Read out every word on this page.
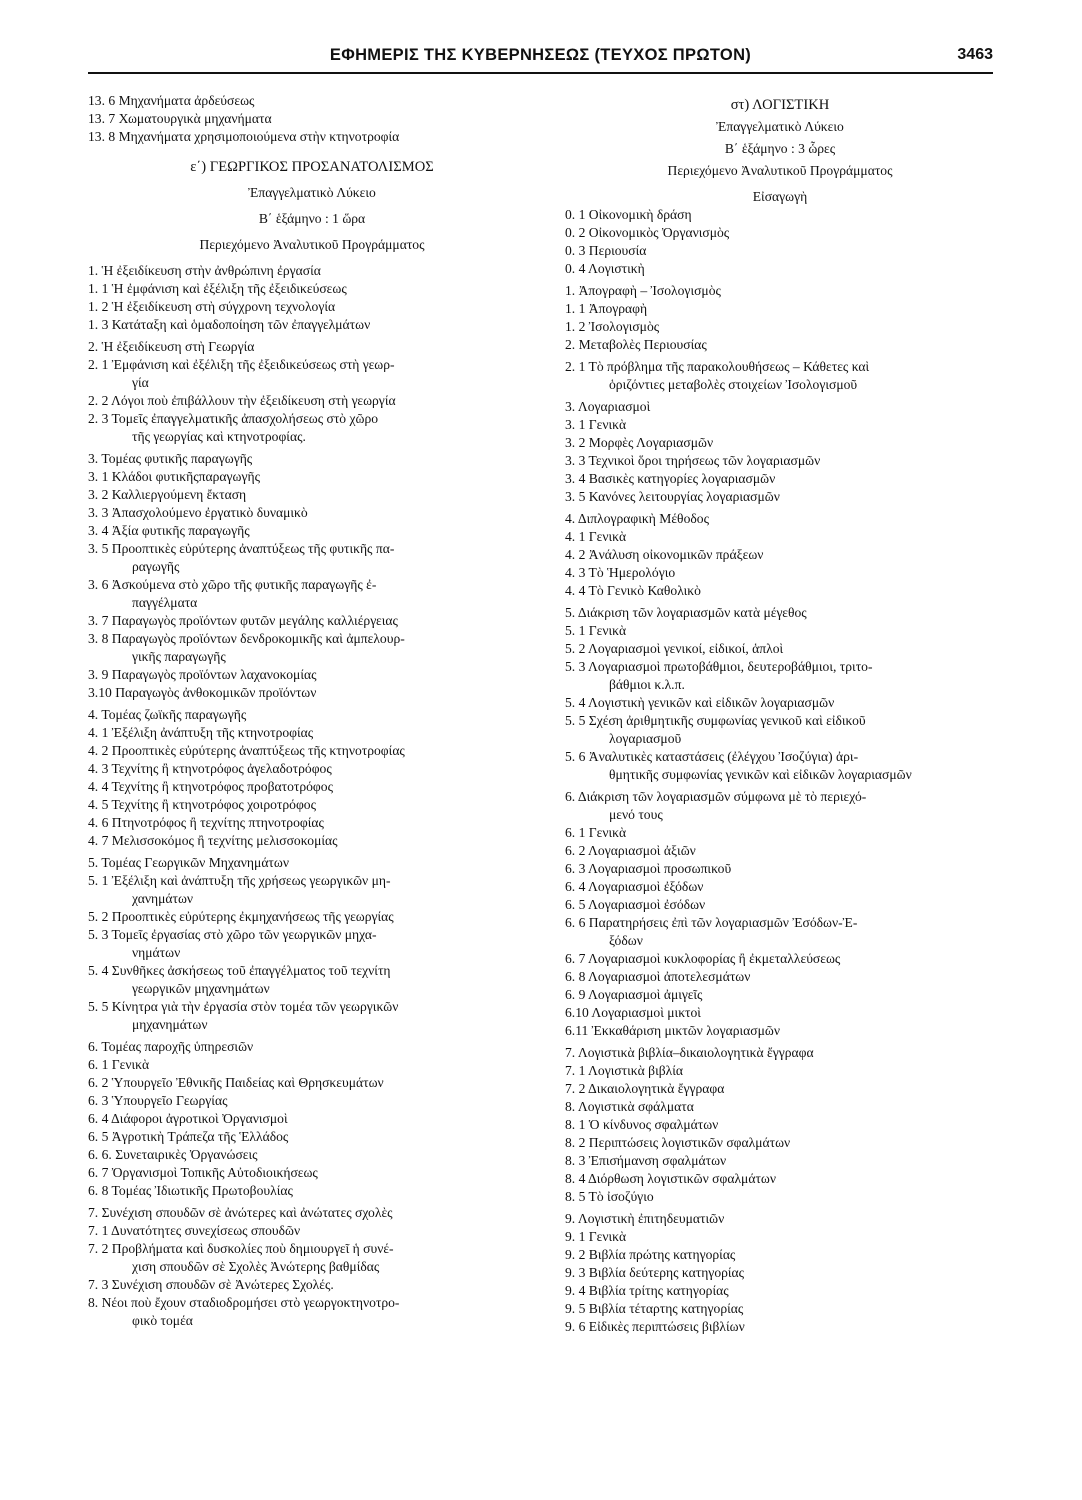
ΕΦΗΜΕΡΙΣ ΤΗΣ ΚΥΒΕΡΝΗΣΕΩΣ (ΤΕΥΧΟΣ ΠΡΩΤΟΝ)	3463
13. 6 Μηχανήματα ἀρδεύσεως
13. 7 Χωματουργικὰ μηχανήματα
13. 8 Μηχανήματα χρησιμοποιούμενα στὴν κτηνοτροφία
ε΄) ΓΕΩΡΓΙΚΟΣ ΠΡΟΣΑΝΑΤΟΛΙΣΜΟΣ
Ἐπαγγελματικὸ Λύκειο
Β΄ ἑξάμηνο : 1 ὥρα
Περιεχόμενο Ἀναλυτικοῦ Προγράμματος
1. Ἡ ἐξειδίκευση στὴν ἀνθρώπινη ἐργασία
1. 1 Ἡ ἐμφάνιση καὶ ἐξέλιξη τῆς ἐξειδικεύσεως
1. 2 Ἡ ἐξειδίκευση στὴ σύγχρονη τεχνολογία
1. 3 Κατάταξη καὶ ὁμαδοποίηση τῶν ἐπαγγελμάτων
2. Ἡ ἐξειδίκευση στὴ Γεωργία
2. 1 Ἐμφάνιση καὶ ἐξέλιξη τῆς ἐξειδικεύσεως στὴ γεωρ-
γία
2. 2 Λόγοι ποὺ ἐπιβάλλουν τὴν ἐξειδίκευση στὴ γεωργία
2. 3 Τομεῖς ἐπαγγελματικῆς ἀπασχολήσεως στὸ χῶρο
τῆς γεωργίας καὶ κτηνοτροφίας.
3. Τομέας φυτικῆς παραγωγῆς
3. 1 Κλάδοι φυτικῆςπαραγωγῆς
3. 2 Καλλιεργούμενη ἔκταση
3. 3 Ἀπασχολούμενο ἐργατικὸ δυναμικὸ
3. 4 Ἀξία φυτικῆς παραγωγῆς
3. 5 Προοπτικὲς εὐρύτερης ἀναπτύξεως τῆς φυτικῆς πα-
ραγωγῆς
3. 6 Ἀσκούμενα στὸ χῶρο τῆς φυτικῆς παραγωγῆς ἐ-
παγγέλματα
3. 7 Παραγωγὸς προϊόντων φυτῶν μεγάλης καλλιέργειας
3. 8 Παραγωγὸς προϊόντων δενδροκομικῆς καὶ ἀμπελουρ-
γικῆς παραγωγῆς
3. 9 Παραγωγὸς προϊόντων λαχανοκομίας
3.10 Παραγωγὸς ἀνθοκομικῶν προϊόντων
4. Τομέας ζωϊκῆς παραγωγῆς
4. 1 Ἐξέλιξη ἀνάπτυξη τῆς κτηνοτροφίας
4. 2 Προοπτικὲς εὐρύτερης ἀναπτύξεως τῆς κτηνοτροφίας
4. 3 Τεχνίτης ἢ κτηνοτρόφος ἀγελαδοτρόφος
4. 4 Τεχνίτης ἢ κτηνοτρόφος προβατοτρόφος
4. 5 Τεχνίτης ἢ κτηνοτρόφος χοιροτρόφος
4. 6 Πτηνοτρόφος ἢ τεχνίτης πτηνοτροφίας
4. 7 Μελισσοκόμος ἢ τεχνίτης μελισσοκομίας
5. Τομέας Γεωργικῶν Μηχανημάτων
5. 1 Ἐξέλιξη καὶ ἀνάπτυξη τῆς χρήσεως γεωργικῶν μη-
χανημάτων
5. 2 Προοπτικὲς εὐρύτερης ἐκμηχανήσεως τῆς γεωργίας
5. 3 Τομεῖς ἐργασίας στὸ χῶρο τῶν γεωργικῶν μηχα-
νημάτων
5. 4 Συνθῆκες ἀσκήσεως τοῦ ἐπαγγέλματος τοῦ τεχνίτη
γεωργικῶν μηχανημάτων
5. 5 Κίνητρα γιὰ τὴν ἐργασία στὸν τομέα τῶν γεωργικῶν
μηχανημάτων
6. Τομέας παροχῆς ὑπηρεσιῶν
6. 1 Γενικὰ
6. 2 Ὑπουργεῖο Ἐθνικῆς Παιδείας καὶ Θρησκευμάτων
6. 3 Ὑπουργεῖο Γεωργίας
6. 4 Διάφοροι ἀγροτικοὶ Ὀργανισμοὶ
6. 5 Ἀγροτικὴ Τράπεζα τῆς Ἑλλάδος
6. 6. Συνεταιρικὲς Ὀργανώσεις
6. 7 Ὀργανισμοὶ Τοπικῆς Αὐτοδιοικήσεως
6. 8 Τομέας Ἰδιωτικῆς Πρωτοβουλίας
7. Συνέχιση σπουδῶν σὲ ἀνώτερες καὶ ἀνώτατες σχολὲς
7. 1 Δυνατότητες συνεχίσεως σπουδῶν
7. 2 Προβλήματα καὶ δυσκολίες ποὺ δημιουργεῖ ἡ συνέ-
χιση σπουδῶν σὲ Σχολὲς Ἀνώτερης βαθμίδας
7. 3 Συνέχιση σπουδῶν σὲ Ἀνώτερες Σχολές.
8. Νέοι ποὺ ἔχουν σταδιοδρομήσει στὸ γεωργοκτηνοτρο-
φικὸ τομέα
στ) ΛΟΓΙΣΤΙΚΗ
Ἐπαγγελματικὸ Λύκειο
Β΄ ἑξάμηνο : 3 ὧρες
Περιεχόμενο Ἀναλυτικοῦ Προγράμματος
Εἰσαγωγὴ
0. 1 Οἰκονομικὴ δράση
0. 2 Οἰκονομικὸς Ὀργανισμὸς
0. 3 Περιουσία
0. 4 Λογιστικὴ
1. Ἀπογραφὴ – Ἰσολογισμὸς
1. 1 Ἀπογραφὴ
1. 2 Ἰσολογισμὸς
2. Μεταβολὲς Περιουσίας
2. 1 Τὸ πρόβλημα τῆς παρακολουθήσεως – Κάθετες καὶ
ὁριζόντιες μεταβολὲς στοιχείων Ἰσολογισμοῦ
3. Λογαριασμοὶ
3. 1 Γενικὰ
3. 2 Μορφὲς Λογαριασμῶν
3. 3 Τεχνικοὶ ὅροι τηρήσεως τῶν λογαριασμῶν
3. 4 Βασικὲς κατηγορίες λογαριασμῶν
3. 5 Κανόνες λειτουργίας λογαριασμῶν
4. Διπλογραφικὴ Μέθοδος
4. 1 Γενικὰ
4. 2 Ἀνάλυση οἰκονομικῶν πράξεων
4. 3 Τὸ Ἡμερολόγιο
4. 4 Τὸ Γενικὸ Καθολικὸ
5. Διάκριση τῶν λογαριασμῶν κατὰ μέγεθος
5. 1 Γενικὰ
5. 2 Λογαριασμοὶ γενικοί, εἰδικοί, ἁπλοὶ
5. 3 Λογαριασμοὶ πρωτοβάθμιοι, δευτεροβάθμιοι, τριτο-
βάθμιοι κ.λ.π.
5. 4 Λογιστικὴ γενικῶν καὶ εἰδικῶν λογαριασμῶν
5. 5 Σχέση ἀριθμητικῆς συμφωνίας γενικοῦ καὶ εἰδικοῦ
λογαριασμοῦ
5. 6 Ἀναλυτικὲς καταστάσεις (ἐλέγχου Ἰσοζύγια) ἀρι-
θμητικῆς συμφωνίας γενικῶν καὶ εἰδικῶν λογαριασμῶν
6. Διάκριση τῶν λογαριασμῶν σύμφωνα μὲ τὸ περιεχό-
μενό τους
6. 1 Γενικὰ
6. 2 Λογαριασμοὶ ἀξιῶν
6. 3 Λογαριασμοὶ προσωπικοῦ
6. 4 Λογαριασμοὶ ἐξόδων
6. 5 Λογαριασμοὶ ἐσόδων
6. 6 Παρατηρήσεις ἐπὶ τῶν λογαριασμῶν Ἐσόδων-Ἐ-
ξόδων
6. 7 Λογαριασμοὶ κυκλοφορίας ἢ ἐκμεταλλεύσεως
6. 8 Λογαριασμοὶ ἀποτελεσμάτων
6. 9 Λογαριασμοὶ ἀμιγεῖς
6.10 Λογαριασμοὶ μικτοὶ
6.11 Ἐκκαθάριση μικτῶν λογαριασμῶν
7. Λογιστικὰ βιβλία–δικαιολογητικὰ ἔγγραφα
7. 1 Λογιστικὰ βιβλία
7. 2 Δικαιολογητικὰ ἔγγραφα
8. Λογιστικὰ σφάλματα
8. 1 Ὁ κίνδυνος σφαλμάτων
8. 2 Περιπτώσεις λογιστικῶν σφαλμάτων
8. 3 Ἐπισήμανση σφαλμάτων
8. 4 Διόρθωση λογιστικῶν σφαλμάτων
8. 5 Τὸ ἰσοζύγιο
9. Λογιστικὴ ἐπιτηδευματιῶν
9. 1 Γενικὰ
9. 2 Βιβλία πρώτης κατηγορίας
9. 3 Βιβλία δεύτερης κατηγορίας
9. 4 Βιβλία τρίτης κατηγορίας
9. 5 Βιβλία τέταρτης κατηγορίας
9. 6 Εἰδικὲς περιπτώσεις βιβλίων
